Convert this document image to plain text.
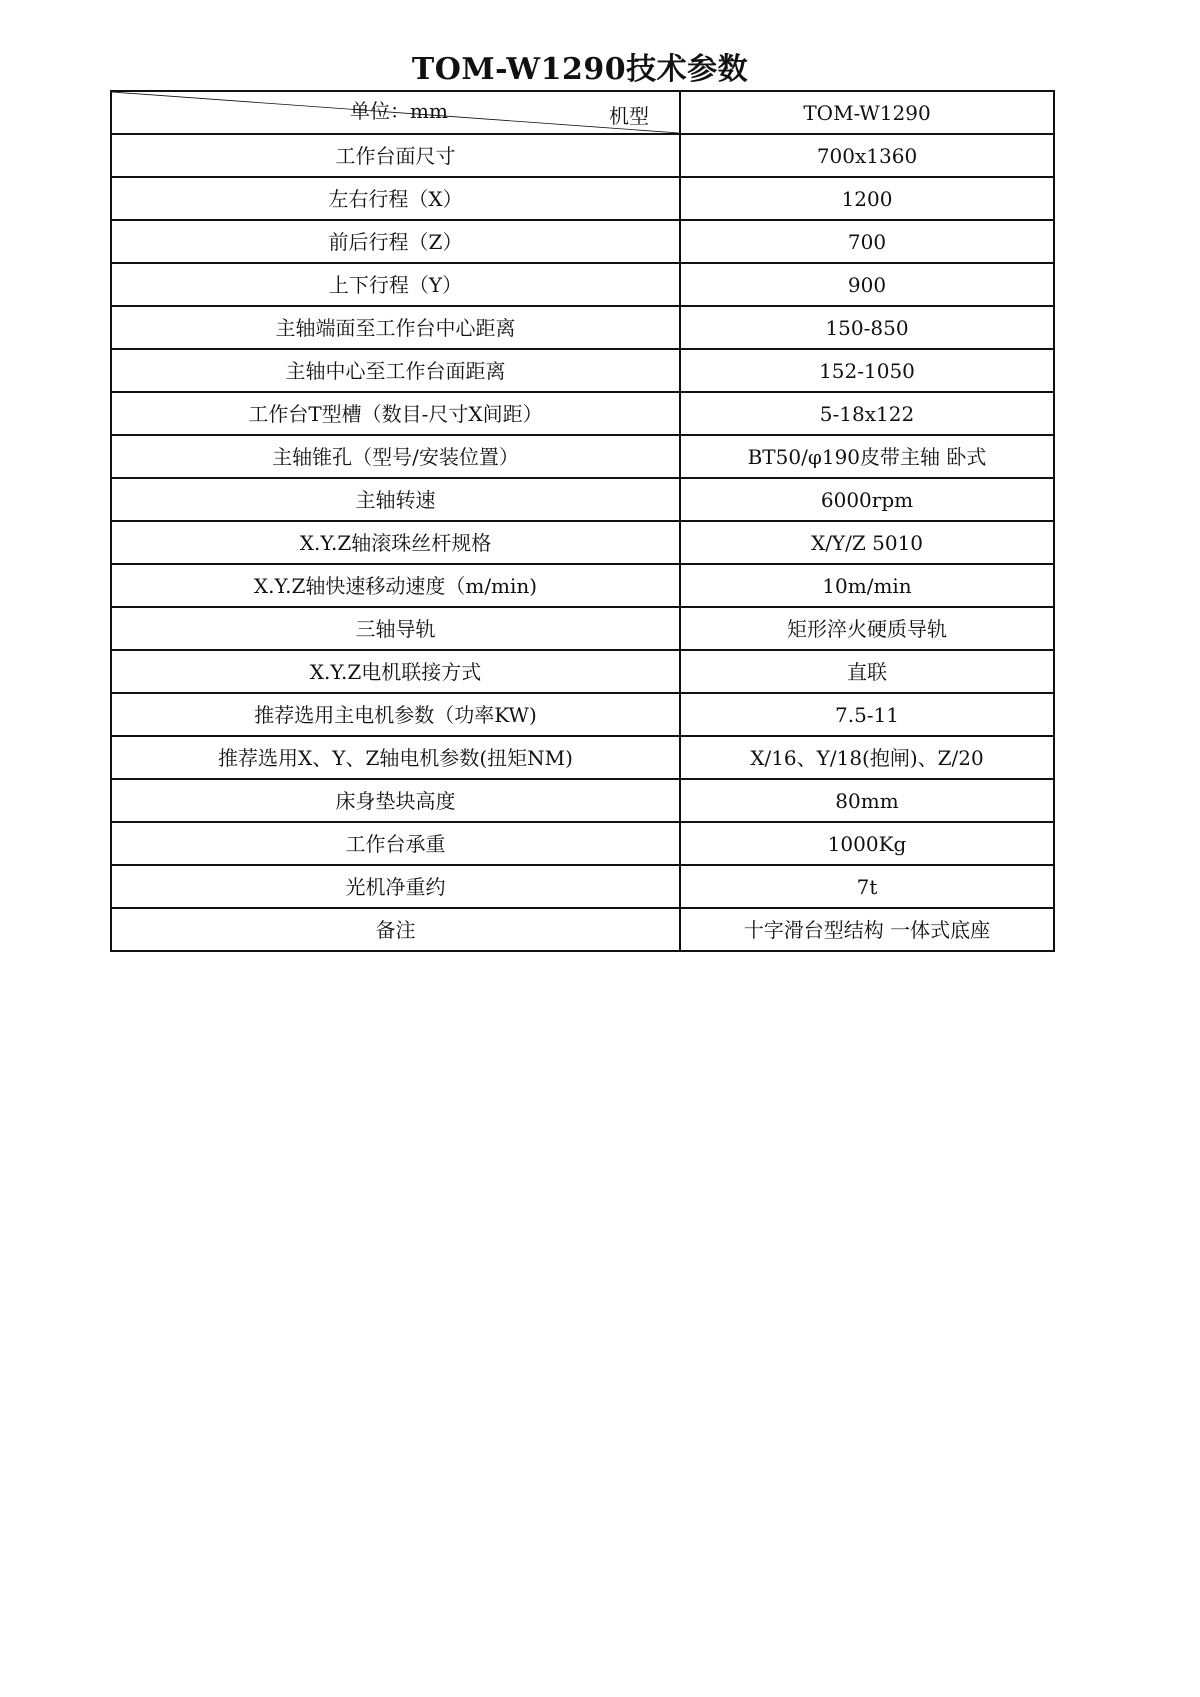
TOM-W1290技术参数
机型
单位：mm	TOM-W1290
工作台面尺寸	700x1360
左右行程（X）	1200
前后行程（Z）	700
上下行程（Y）	900
主轴端面至工作台中心距离	150-850
主轴中心至工作台面距离	152-1050
工作台T型槽（数目-尺寸X间距）	5-18x122
主轴锥孔（型号/安装位置）	BT50/φ190皮带主轴 卧式
主轴转速	6000rpm
X.Y.Z轴滚珠丝杆规格	X/Y/Z 5010
X.Y.Z轴快速移动速度（m/min)	10m/min
三轴导轨	矩形淬火硬质导轨
X.Y.Z电机联接方式	直联
推荐选用主电机参数（功率KW)	7.5-11
推荐选用X、Y、Z轴电机参数(扭矩NM)	X/16、Y/18(抱闸)、Z/20
床身垫块高度	80mm
工作台承重	1000Kg
光机净重约	7t
备注	十字滑台型结构 一体式底座
